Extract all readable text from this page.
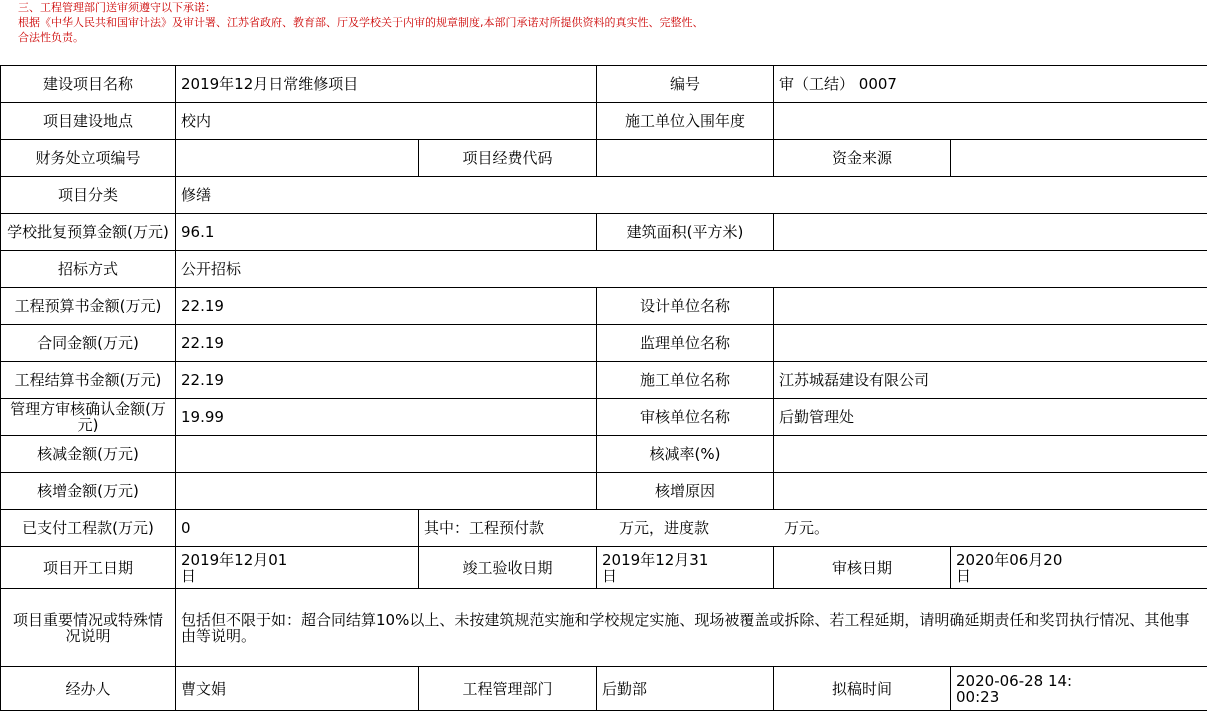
三、工程管理部门送审须遵守以下承诺：
根据《中华人民共和国审计法》及审计署、江苏省政府、教育部、厅及学校关于内审的规章制度,本部门承诺对所提供资料的真实性、完整性、
合法性负责。
建设项目名称	2019年12月日常维修项目		编号	审（工结） 0007	
项目建设地点	校内		施工单位入围年度		
财务处立项编号		项目经费代码		资金来源	
项目分类	修缮				
学校批复预算金额(万元)	96.1		建筑面积(平方米)		
招标方式	公开招标				
工程预算书金额(万元)	22.19		设计单位名称		
合同金额(万元)	22.19		监理单位名称		
工程结算书金额(万元)	22.19		施工单位名称	江苏城磊建设有限公司	
管理方审核确认金额(万元)	19.99		审核单位名称	后勤管理处	
核减金额(万元)			核减率(%)		
核增金额(万元)			核增原因		
已支付工程款(万元)	0	其中：工程预付款　　　　　万元，进度款　　　　　万元。			
项目开工日期	2019年12月01日	竣工验收日期	2019年12月31日	审核日期	2020年06月20日
项目重要情况或特殊情况说明	包括但不限于如：超合同结算10%以上、未按建筑规范实施和学校规定实施、现场被覆盖或拆除、若工程延期，请明确延期责任和奖罚执行情况、其他事由等说明。				
经办人	曹文娟	工程管理部门	后勤部	拟稿时间	2020-06-28 14:00:23
